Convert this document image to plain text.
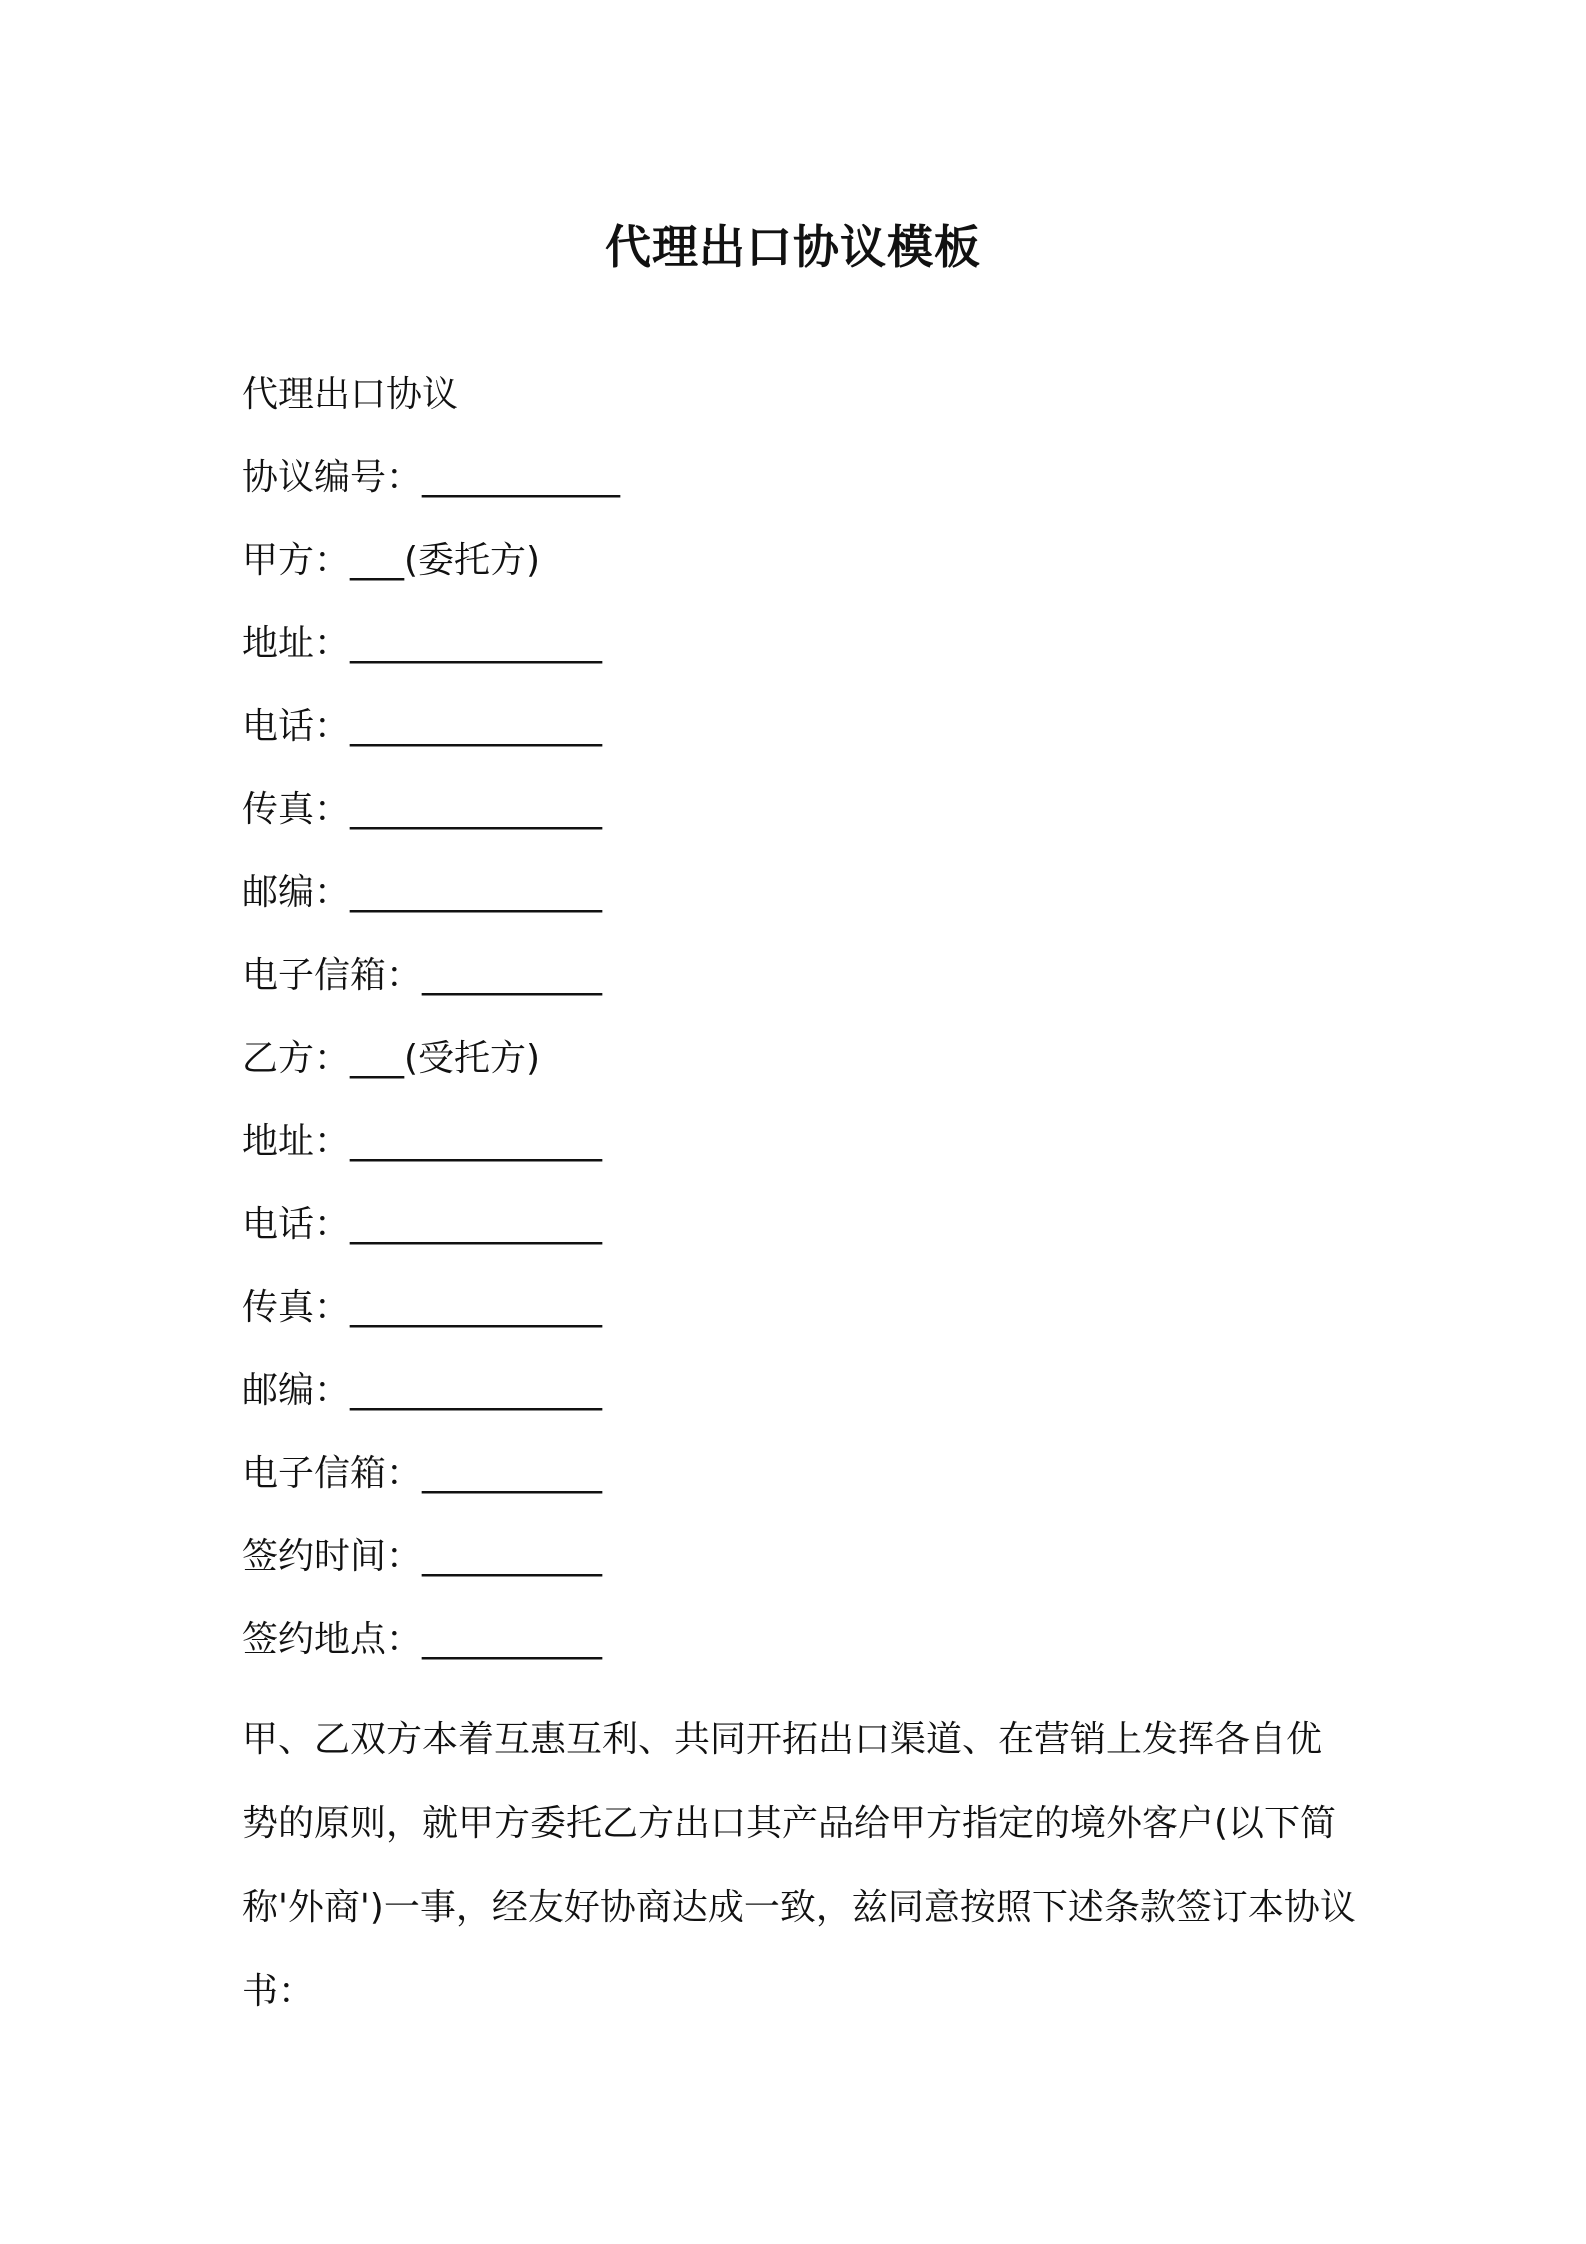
代理出口协议模板
代理出口协议
协议编号：___________
甲方：___(委托方)
地址：______________
电话：______________
传真：______________
邮编：______________
电子信箱：__________
乙方：___(受托方)
地址：______________
电话：______________
传真：______________
邮编：______________
电子信箱：__________
签约时间：__________
签约地点：__________
甲、乙双方本着互惠互利、共同开拓出口渠道、在营销上发挥各自优势的原则，就甲方委托乙方出口其产品给甲方指定的境外客户(以下简称'外商')一事，经友好协商达成一致，兹同意按照下述条款签订本协议书：
